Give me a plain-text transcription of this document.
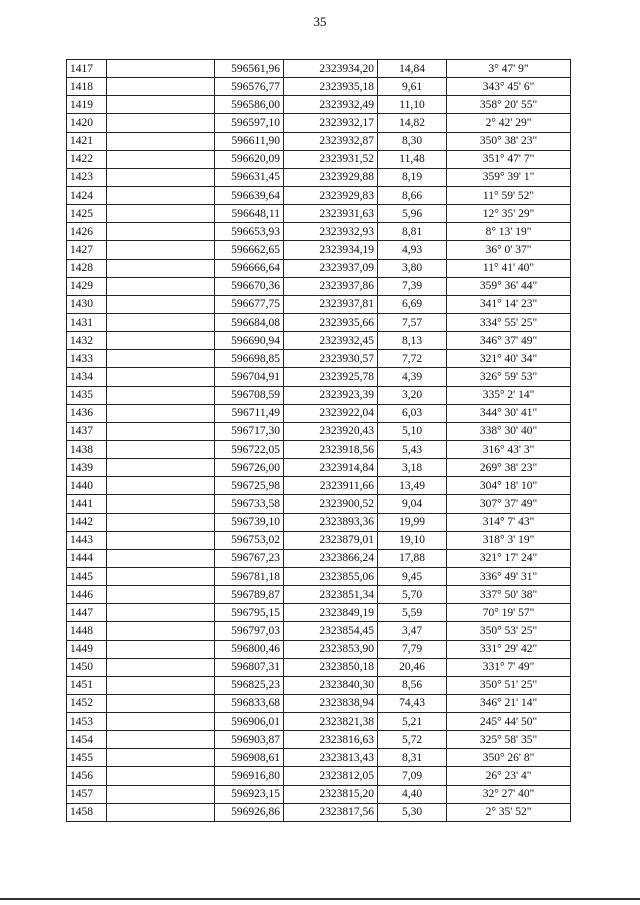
35
1417		596561,96	2323934,20	14,84	3° 47' 9"
1418		596576,77	2323935,18	9,61	343° 45' 6"
1419		596586,00	2323932,49	11,10	358° 20' 55"
1420		596597,10	2323932,17	14,82	2° 42' 29"
1421		596611,90	2323932,87	8,30	350° 38' 23"
1422		596620,09	2323931,52	11,48	351° 47' 7"
1423		596631,45	2323929,88	8,19	359° 39' 1"
1424		596639,64	2323929,83	8,66	11° 59' 52"
1425		596648,11	2323931,63	5,96	12° 35' 29"
1426		596653,93	2323932,93	8,81	8° 13' 19"
1427		596662,65	2323934,19	4,93	36° 0' 37"
1428		596666,64	2323937,09	3,80	11° 41' 40"
1429		596670,36	2323937,86	7,39	359° 36' 44"
1430		596677,75	2323937,81	6,69	341° 14' 23"
1431		596684,08	2323935,66	7,57	334° 55' 25"
1432		596690,94	2323932,45	8,13	346° 37' 49"
1433		596698,85	2323930,57	7,72	321° 40' 34"
1434		596704,91	2323925,78	4,39	326° 59' 53"
1435		596708,59	2323923,39	3,20	335° 2' 14"
1436		596711,49	2323922,04	6,03	344° 30' 41"
1437		596717,30	2323920,43	5,10	338° 30' 40"
1438		596722,05	2323918,56	5,43	316° 43' 3"
1439		596726,00	2323914,84	3,18	269° 38' 23"
1440		596725,98	2323911,66	13,49	304° 18' 10"
1441		596733,58	2323900,52	9,04	307° 37' 49"
1442		596739,10	2323893,36	19,99	314° 7' 43"
1443		596753,02	2323879,01	19,10	318° 3' 19"
1444		596767,23	2323866,24	17,88	321° 17' 24"
1445		596781,18	2323855,06	9,45	336° 49' 31"
1446		596789,87	2323851,34	5,70	337° 50' 38"
1447		596795,15	2323849,19	5,59	70° 19' 57"
1448		596797,03	2323854,45	3,47	350° 53' 25"
1449		596800,46	2323853,90	7,79	331° 29' 42"
1450		596807,31	2323850,18	20,46	331° 7' 49"
1451		596825,23	2323840,30	8,56	350° 51' 25"
1452		596833,68	2323838,94	74,43	346° 21' 14"
1453		596906,01	2323821,38	5,21	245° 44' 50"
1454		596903,87	2323816,63	5,72	325° 58' 35"
1455		596908,61	2323813,43	8,31	350° 26' 8"
1456		596916,80	2323812,05	7,09	26° 23' 4"
1457		596923,15	2323815,20	4,40	32° 27' 40"
1458		596926,86	2323817,56	5,30	2° 35' 52"
